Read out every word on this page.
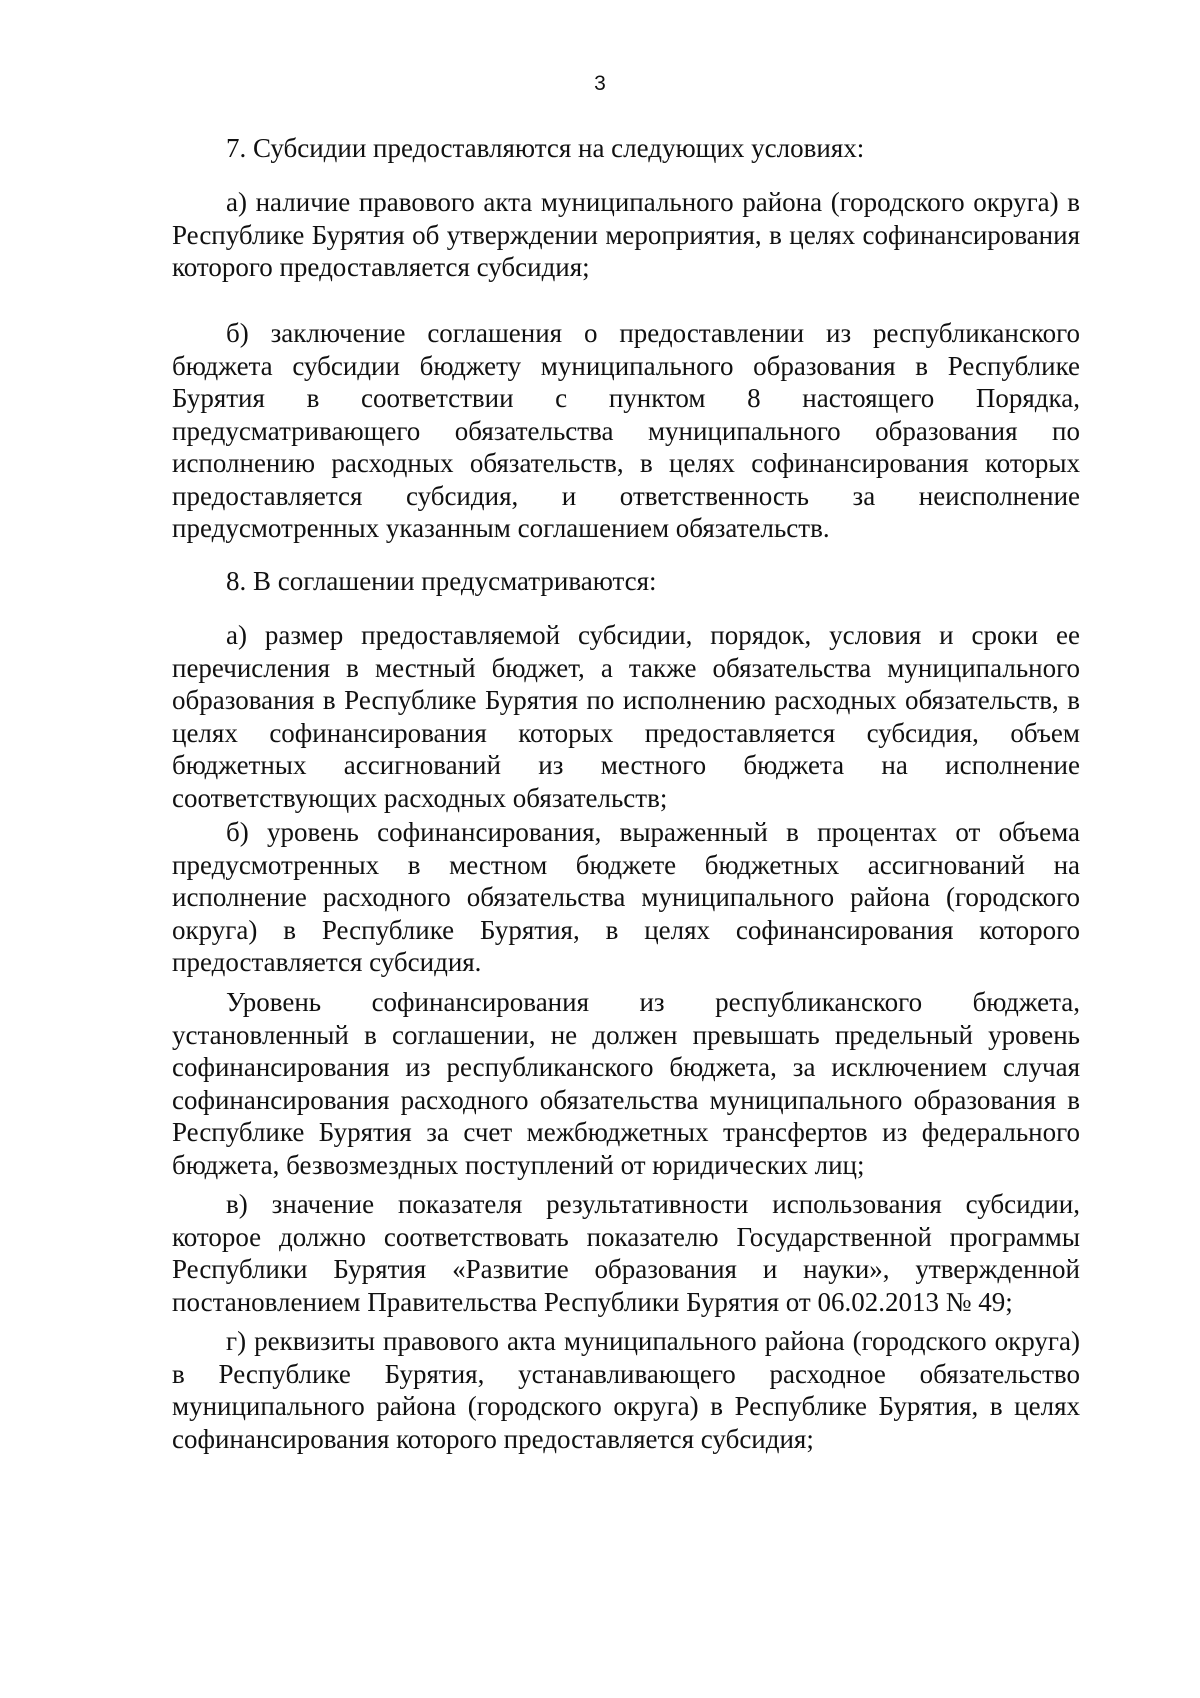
3

7. Субсидии предоставляются на следующих условиях:

а) наличие правового акта муниципального района (городского округа) в Республике Бурятия об утверждении мероприятия, в целях софинансирования которого предоставляется субсидия;

б) заключение соглашения о предоставлении из республиканского бюджета субсидии бюджету муниципального образования в Республике Бурятия в соответствии с пунктом 8 настоящего Порядка, предусматривающего обязательства муниципального образования по исполнению расходных обязательств, в целях софинансирования которых предоставляется субсидия, и ответственность за неисполнение предусмотренных указанным соглашением обязательств.

8. В соглашении предусматриваются:

а) размер предоставляемой субсидии, порядок, условия и сроки ее перечисления в местный бюджет, а также обязательства муниципального образования в Республике Бурятия по исполнению расходных обязательств, в целях софинансирования которых предоставляется субсидия, объем бюджетных ассигнований из местного бюджета на исполнение соответствующих расходных обязательств;

б) уровень софинансирования, выраженный в процентах от объема предусмотренных в местном бюджете бюджетных ассигнований на исполнение расходного обязательства муниципального района (городского округа) в Республике Бурятия, в целях софинансирования которого предоставляется субсидия.

Уровень софинансирования из республиканского бюджета, установленный в соглашении, не должен превышать предельный уровень софинансирования из республиканского бюджета, за исключением случая софинансирования расходного обязательства муниципального образования в Республике Бурятия за счет межбюджетных трансфертов из федерального бюджета, безвозмездных поступлений от юридических лиц;

в) значение показателя результативности использования субсидии, которое должно соответствовать показателю Государственной программы Республики Бурятия «Развитие образования и науки», утвержденной постановлением Правительства Республики Бурятия от 06.02.2013 № 49;

г) реквизиты правового акта муниципального района (городского округа) в Республике Бурятия, устанавливающего расходное обязательство муниципального района (городского округа) в Республике Бурятия, в целях софинансирования которого предоставляется субсидия;
